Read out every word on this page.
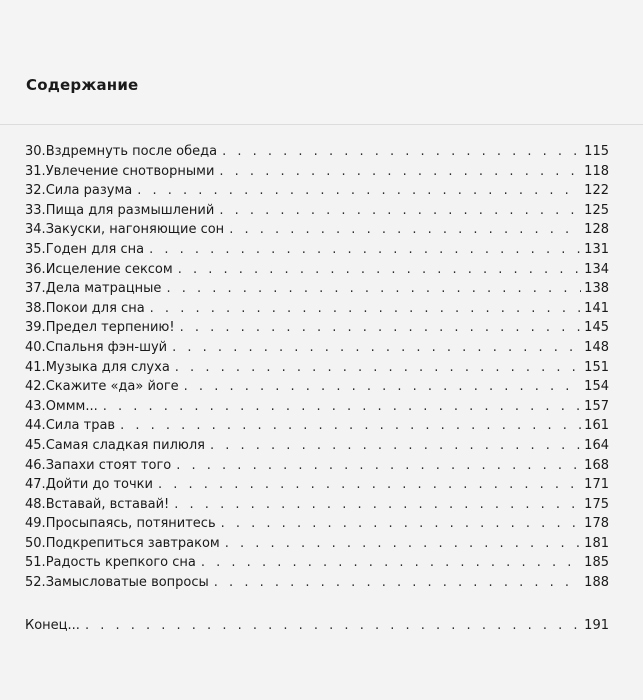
Содержание
30. Вздремнуть после обеда . . .	115
31. Увлечение снотворными . . .	118
32. Сила разума . . .	122
33. Пища для размышлений . . .	125
34. Закуски, нагоняющие сон . . .	128
35. Годен для сна . . .	131
36. Исцеление сексом . . .	134
37. Дела матрацные . . .	138
38. Покои для сна . . .	141
39. Предел терпению! . . .	145
40. Спальня фэн-шуй . . .	148
41. Музыка для слуха . . .	151
42. Скажите «да» йоге . . .	154
43. Оммм... . . .	157
44. Сила трав . . .	161
45. Самая сладкая пилюля . . .	164
46. Запахи стоят того . . .	168
47. Дойти до точки . . .	171
48. Вставай, вставай! . . .	175
49. Просыпаясь, потянитесь . . .	178
50. Подкрепиться завтраком . . .	181
51. Радость крепкого сна . . .	185
52. Замысловатые вопросы . . .	188
Конец... . . .	191
